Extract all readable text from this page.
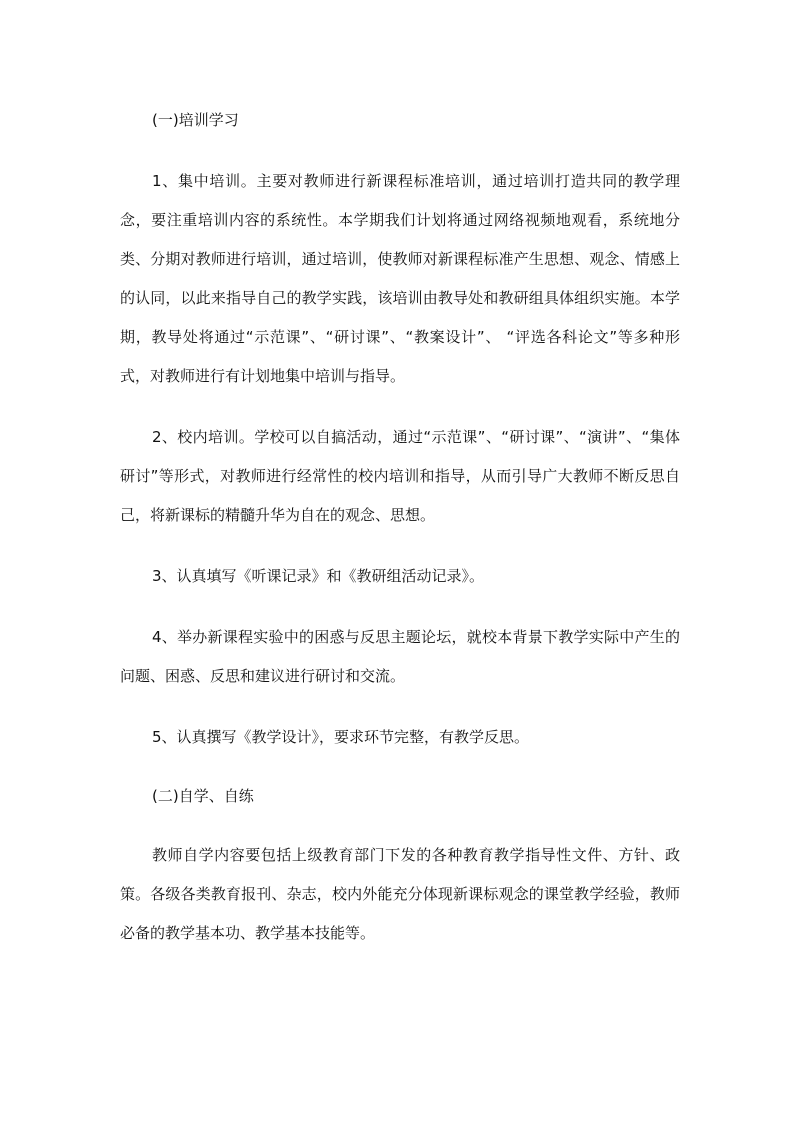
(一)培训学习

1、集中培训。主要对教师进行新课程标准培训，通过培训打造共同的教学理念，要注重培训内容的系统性。本学期我们计划将通过网络视频地观看，系统地分类、分期对教师进行培训，通过培训，使教师对新课程标准产生思想、观念、情感上的认同，以此来指导自己的教学实践，该培训由教导处和教研组具体组织实施。本学期，教导处将通过“示范课”、“研讨课”、“教案设计”、 “评选各科论文”等多种形式，对教师进行有计划地集中培训与指导。

2、校内培训。学校可以自搞活动，通过“示范课”、“研讨课”、“演讲”、“集体研讨”等形式，对教师进行经常性的校内培训和指导，从而引导广大教师不断反思自己，将新课标的精髓升华为自在的观念、思想。

3、认真填写《听课记录》和《教研组活动记录》。

4、举办新课程实验中的困惑与反思主题论坛，就校本背景下教学实际中产生的问题、困惑、反思和建议进行研讨和交流。

5、认真撰写《教学设计》，要求环节完整，有教学反思。

(二)自学、自练

教师自学内容要包括上级教育部门下发的各种教育教学指导性文件、方针、政策。各级各类教育报刊、杂志，校内外能充分体现新课标观念的课堂教学经验，教师必备的教学基本功、教学基本技能等。
